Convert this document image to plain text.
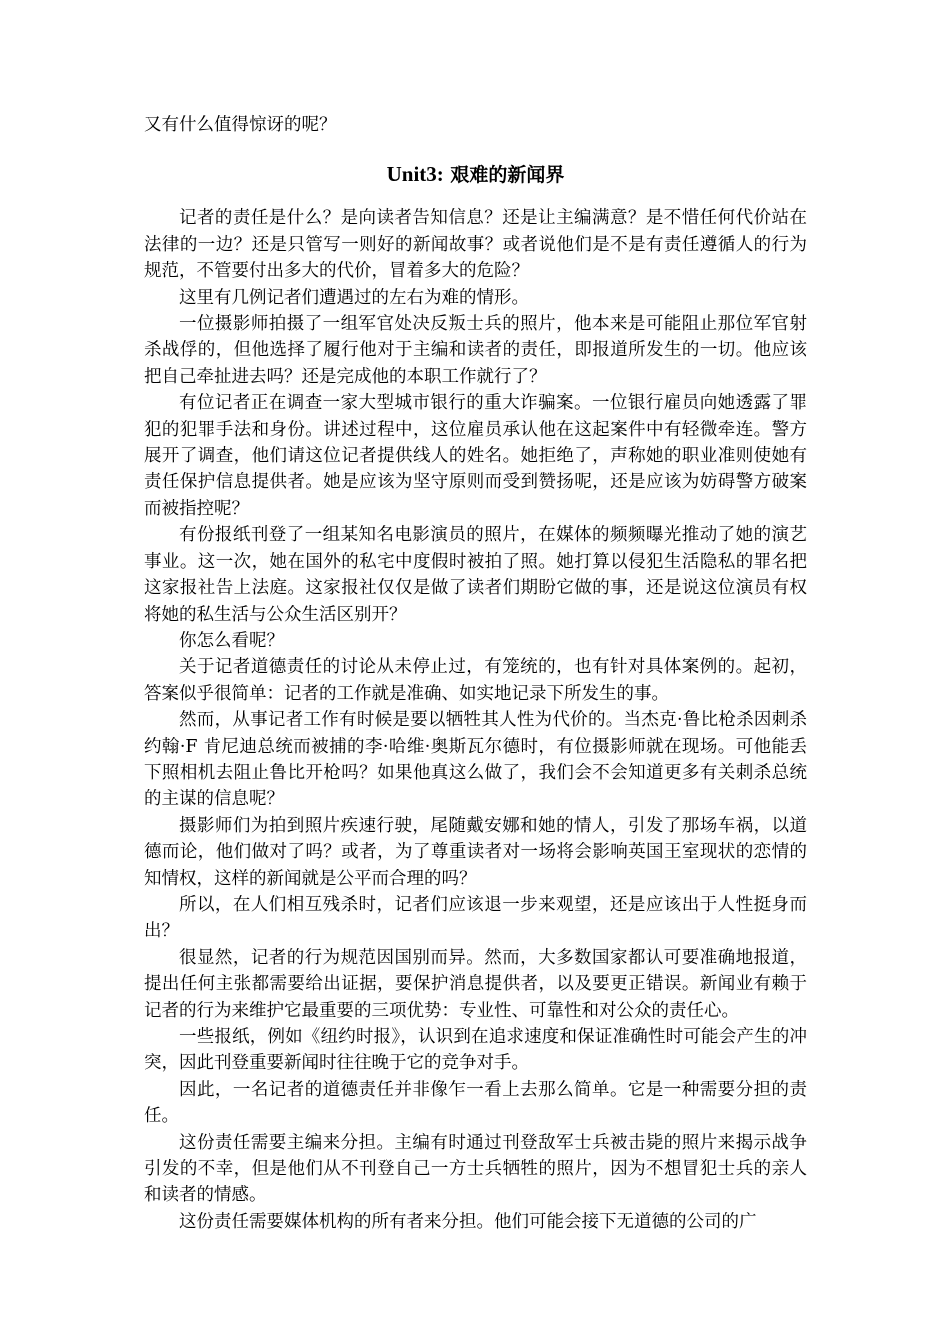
又有什么值得惊讶的呢？

Unit3: 艰难的新闻界

记者的责任是什么？是向读者告知信息？还是让主编满意？是不惜任何代价站在法律的一边？还是只管写一则好的新闻故事？或者说他们是不是有责任遵循人的行为规范，不管要付出多大的代价，冒着多大的危险？

这里有几例记者们遭遇过的左右为难的情形。

一位摄影师拍摄了一组军官处决反叛士兵的照片，他本来是可能阻止那位军官射杀战俘的，但他选择了履行他对于主编和读者的责任，即报道所发生的一切。他应该把自己牵扯进去吗？还是完成他的本职工作就行了？

有位记者正在调查一家大型城市银行的重大诈骗案。一位银行雇员向她透露了罪犯的犯罪手法和身份。讲述过程中，这位雇员承认他在这起案件中有轻微牵连。警方展开了调查，他们请这位记者提供线人的姓名。她拒绝了，声称她的职业准则使她有责任保护信息提供者。她是应该为坚守原则而受到赞扬呢，还是应该为妨碍警方破案而被指控呢？

有份报纸刊登了一组某知名电影演员的照片，在媒体的频频曝光推动了她的演艺事业。这一次，她在国外的私宅中度假时被拍了照。她打算以侵犯生活隐私的罪名把这家报社告上法庭。这家报社仅仅是做了读者们期盼它做的事，还是说这位演员有权将她的私生活与公众生活区别开？

你怎么看呢？

关于记者道德责任的讨论从未停止过，有笼统的，也有针对具体案例的。起初，答案似乎很简单：记者的工作就是准确、如实地记录下所发生的事。

然而，从事记者工作有时候是要以牺牲其人性为代价的。当杰克·鲁比枪杀因刺杀约翰·F 肯尼迪总统而被捕的李·哈维·奥斯瓦尔德时，有位摄影师就在现场。可他能丢下照相机去阻止鲁比开枪吗？如果他真这么做了，我们会不会知道更多有关刺杀总统的主谋的信息呢？

摄影师们为拍到照片疾速行驶，尾随戴安娜和她的情人，引发了那场车祸，以道德而论，他们做对了吗？或者，为了尊重读者对一场将会影响英国王室现状的恋情的知情权，这样的新闻就是公平而合理的吗？

所以，在人们相互残杀时，记者们应该退一步来观望，还是应该出于人性挺身而出？

很显然，记者的行为规范因国别而异。然而，大多数国家都认可要准确地报道，提出任何主张都需要给出证据，要保护消息提供者，以及要更正错误。新闻业有赖于记者的行为来维护它最重要的三项优势：专业性、可靠性和对公众的责任心。

一些报纸，例如《纽约时报》，认识到在追求速度和保证准确性时可能会产生的冲突，因此刊登重要新闻时往往晚于它的竞争对手。

因此，一名记者的道德责任并非像乍一看上去那么简单。它是一种需要分担的责任。

这份责任需要主编来分担。主编有时通过刊登敌军士兵被击毙的照片来揭示战争引发的不幸，但是他们从不刊登自己一方士兵牺牲的照片，因为不想冒犯士兵的亲人和读者的情感。

这份责任需要媒体机构的所有者来分担。他们可能会接下无道德的公司的广
